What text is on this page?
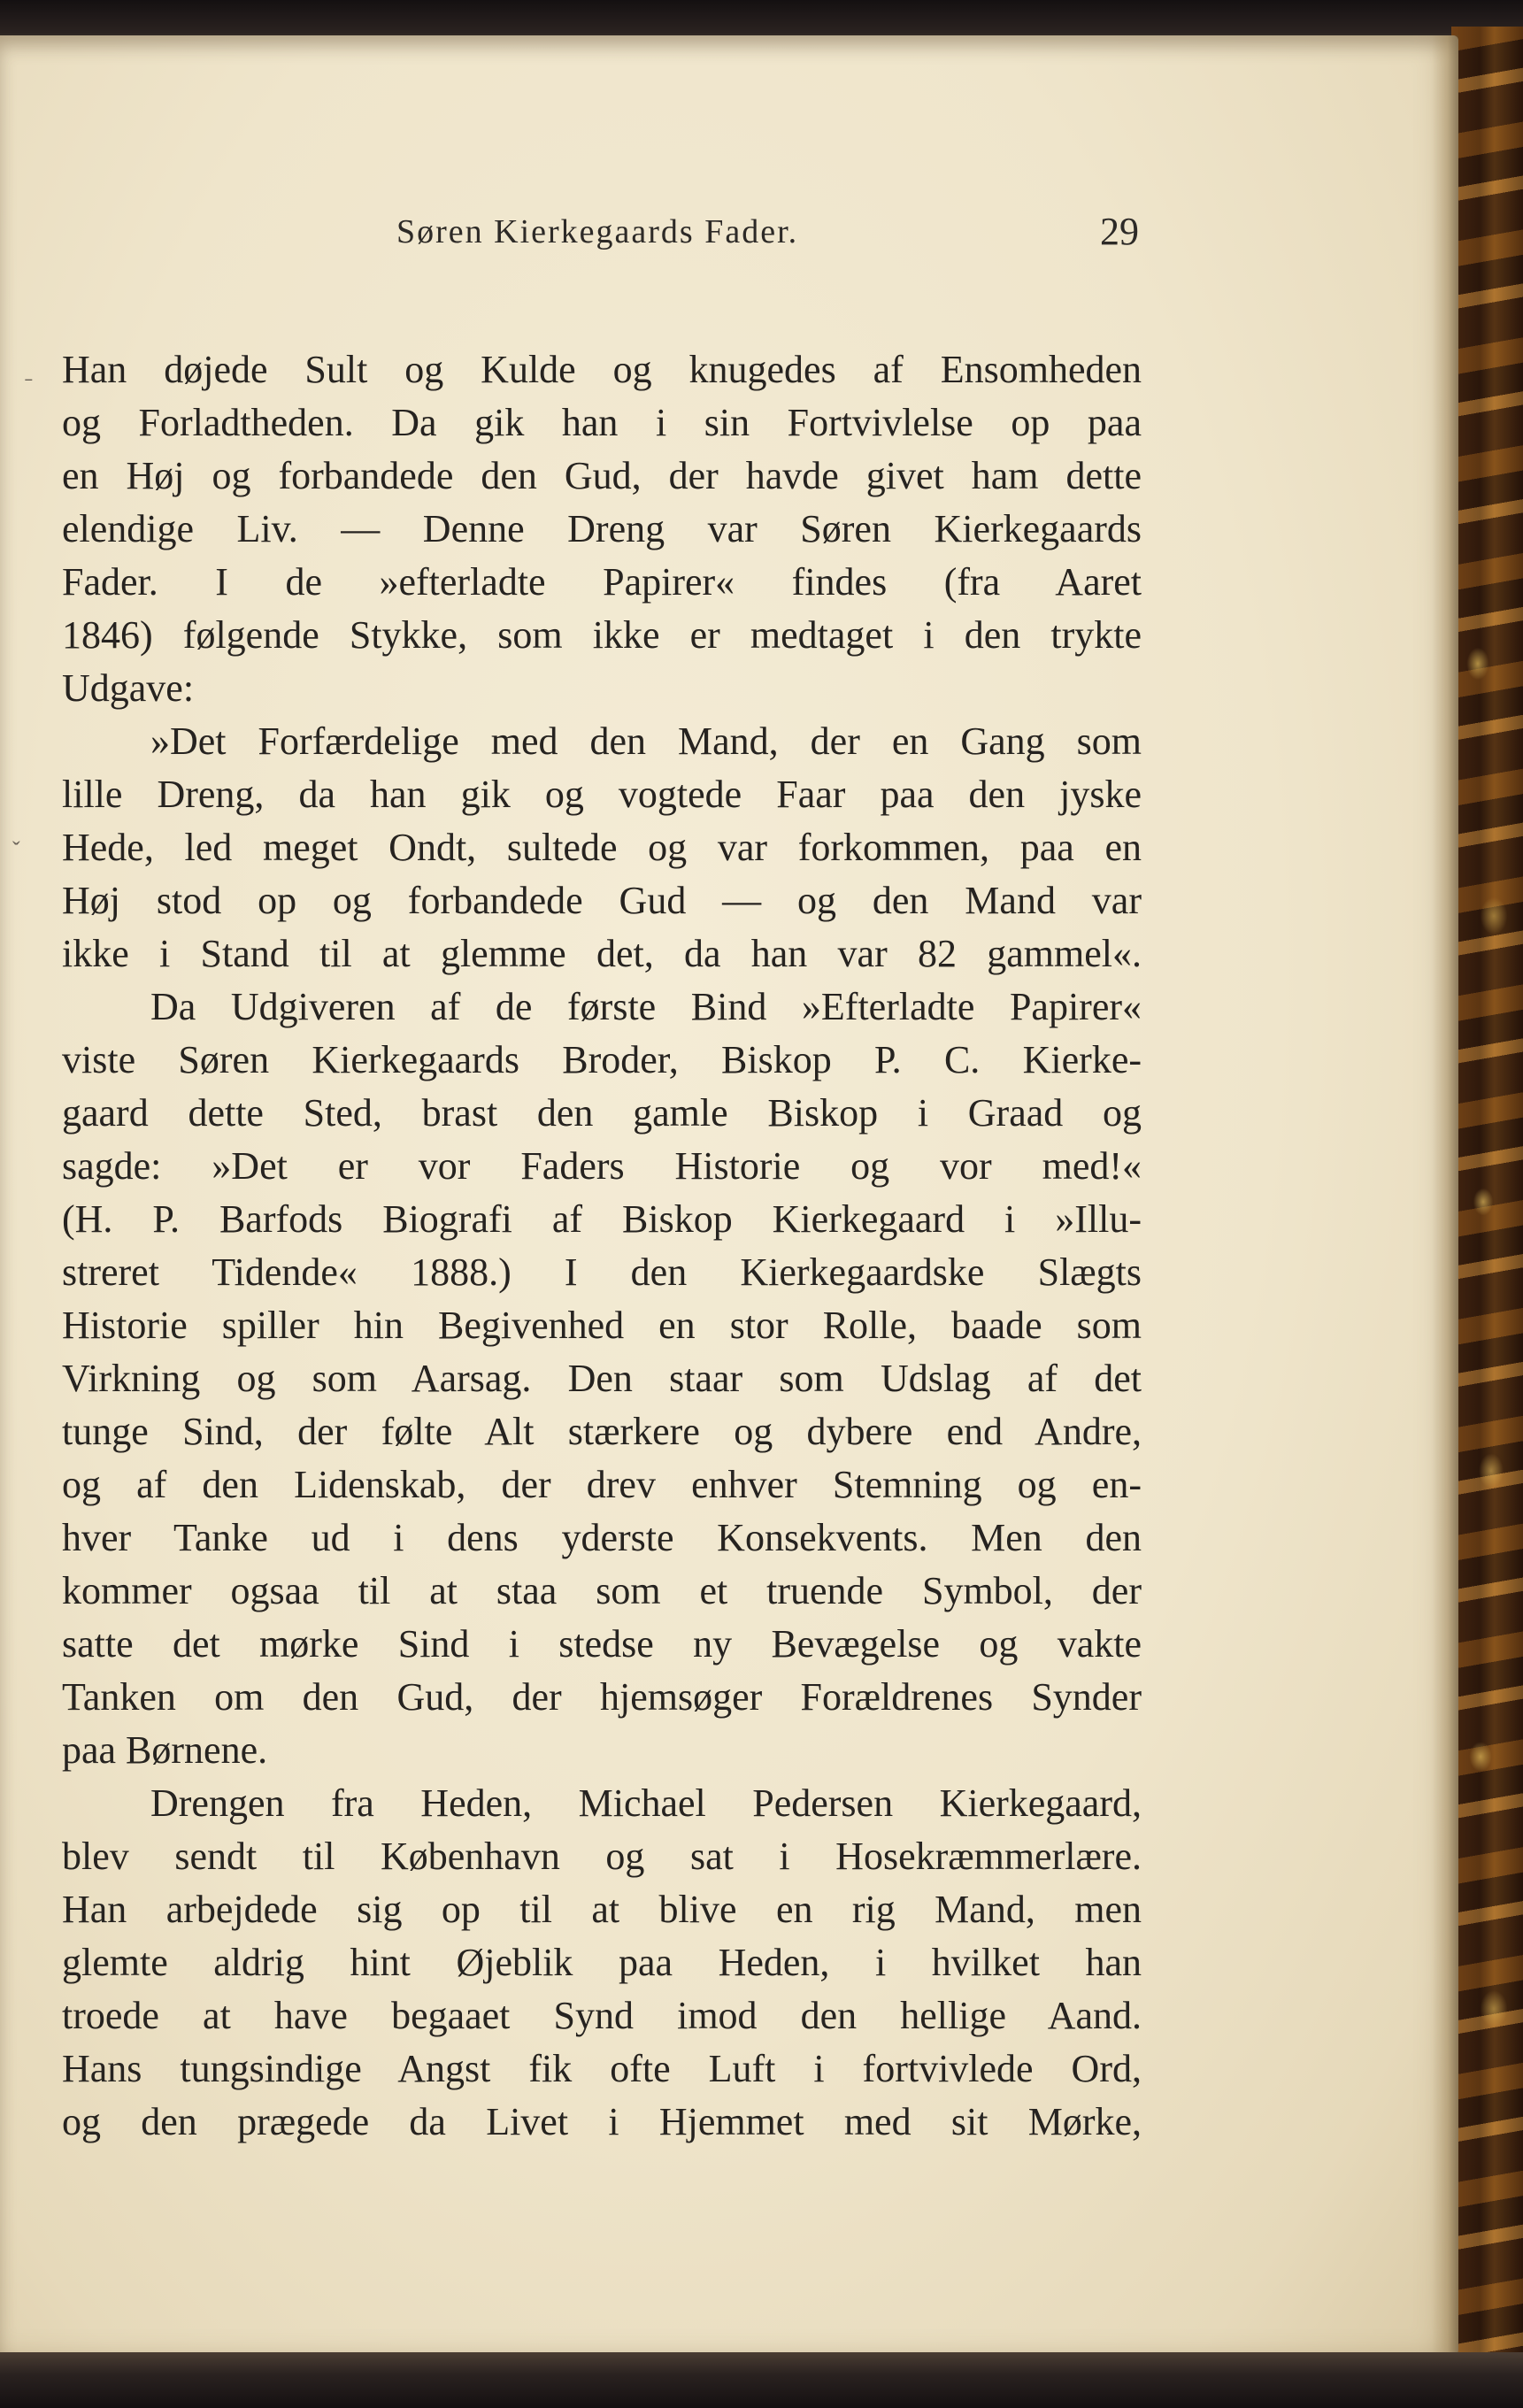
Søren Kierkegaards Fader.	29
ˉ
ˬ
Han døjede Sult og Kulde og knugedes af Ensomheden
og Forladtheden. Da gik han i sin Fortvivlelse op paa
en Høj og forbandede den Gud, der havde givet ham dette
elendige Liv. — Denne Dreng var Søren Kierkegaards
Fader. I de »efterladte Papirer« findes (fra Aaret
1846) følgende Stykke, som ikke er medtaget i den trykte
Udgave:
»Det Forfærdelige med den Mand, der en Gang som
lille Dreng, da han gik og vogtede Faar paa den jyske
Hede, led meget Ondt, sultede og var forkommen, paa en
Høj stod op og forbandede Gud — og den Mand var
ikke i Stand til at glemme det, da han var 82 gammel«.
Da Udgiveren af de første Bind »Efterladte Papirer«
viste Søren Kierkegaards Broder, Biskop P. C. Kierke-
gaard dette Sted, brast den gamle Biskop i Graad og
sagde: »Det er vor Faders Historie og vor med!«
(H. P. Barfods Biografi af Biskop Kierkegaard i »Illu-
streret Tidende« 1888.) I den Kierkegaardske Slægts
Historie spiller hin Begivenhed en stor Rolle, baade som
Virkning og som Aarsag. Den staar som Udslag af det
tunge Sind, der følte Alt stærkere og dybere end Andre,
og af den Lidenskab, der drev enhver Stemning og en-
hver Tanke ud i dens yderste Konsekvents. Men den
kommer ogsaa til at staa som et truende Symbol, der
satte det mørke Sind i stedse ny Bevægelse og vakte
Tanken om den Gud, der hjemsøger Forældrenes Synder
paa Børnene.
Drengen fra Heden, Michael Pedersen Kierkegaard,
blev sendt til København og sat i Hosekræmmerlære.
Han arbejdede sig op til at blive en rig Mand, men
glemte aldrig hint Øjeblik paa Heden, i hvilket han
troede at have begaaet Synd imod den hellige Aand.
Hans tungsindige Angst fik ofte Luft i fortvivlede Ord,
og den prægede da Livet i Hjemmet med sit Mørke,
